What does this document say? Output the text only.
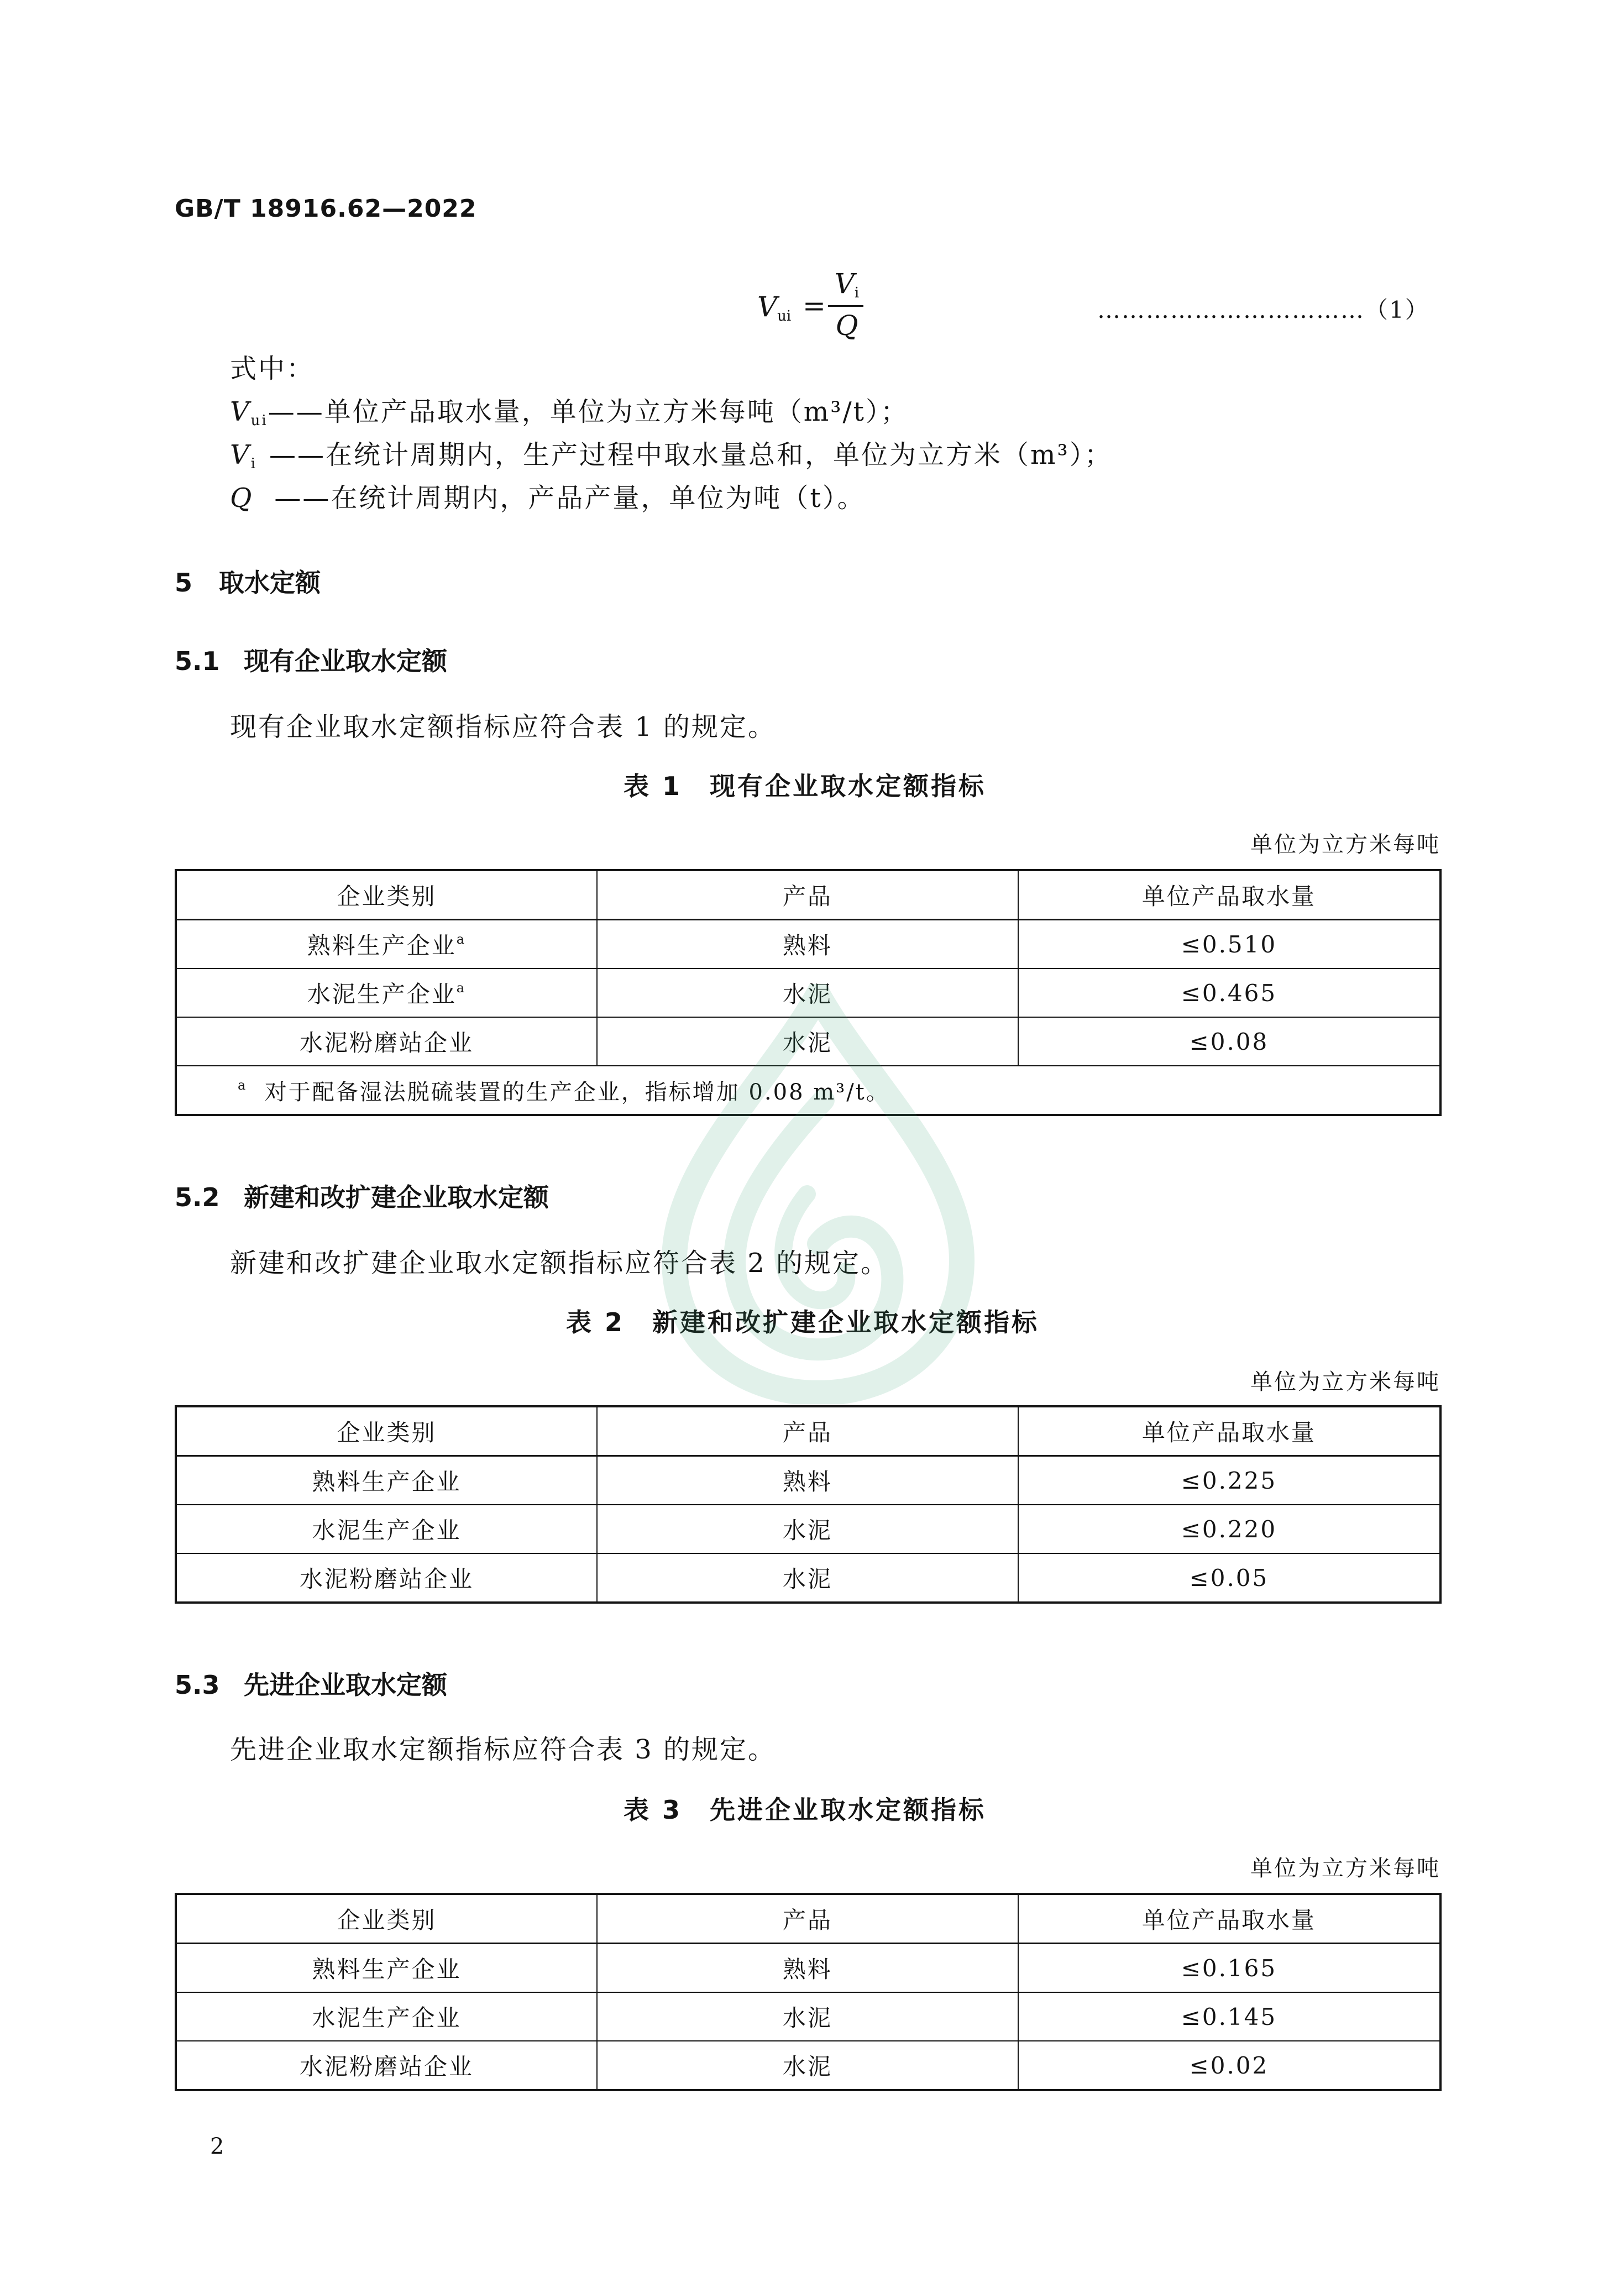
GB/T 18916.62—2022
$V_{ui}$ =
$V_i$
Q	……………………………（1）
式中：
$V_{ui}——$单位产品取水量，单位为立方米每吨（m³/t）；
$V_i$ ——在统计周期内，生产过程中取水量总和，单位为立方米（m³）；
Q ——在统计周期内，产品产量，单位为吨（t）。
5 取水定额
5.1 现有企业取水定额
现有企业取水定额指标应符合表 1 的规定。
表 1　现有企业取水定额指标
单位为立方米每吨
企业类别	产品	单位产品取水量
熟料生产企业$^a$	熟料	≤0.510
水泥生产企业$^a$	水泥	≤0.465
水泥粉磨站企业	水泥	≤0.08
$^a$ 对于配备湿法脱硫装置的生产企业，指标增加 0.08 m³/t。		
5.2 新建和改扩建企业取水定额
新建和改扩建企业取水定额指标应符合表 2 的规定。
表 2　新建和改扩建企业取水定额指标
单位为立方米每吨
企业类别	产品	单位产品取水量
熟料生产企业	熟料	≤0.225
水泥生产企业	水泥	≤0.220
水泥粉磨站企业	水泥	≤0.05
5.3 先进企业取水定额
先进企业取水定额指标应符合表 3 的规定。
表 3　先进企业取水定额指标
单位为立方米每吨
企业类别	产品	单位产品取水量
熟料生产企业	熟料	≤0.165
水泥生产企业	水泥	≤0.145
水泥粉磨站企业	水泥	≤0.02
2
